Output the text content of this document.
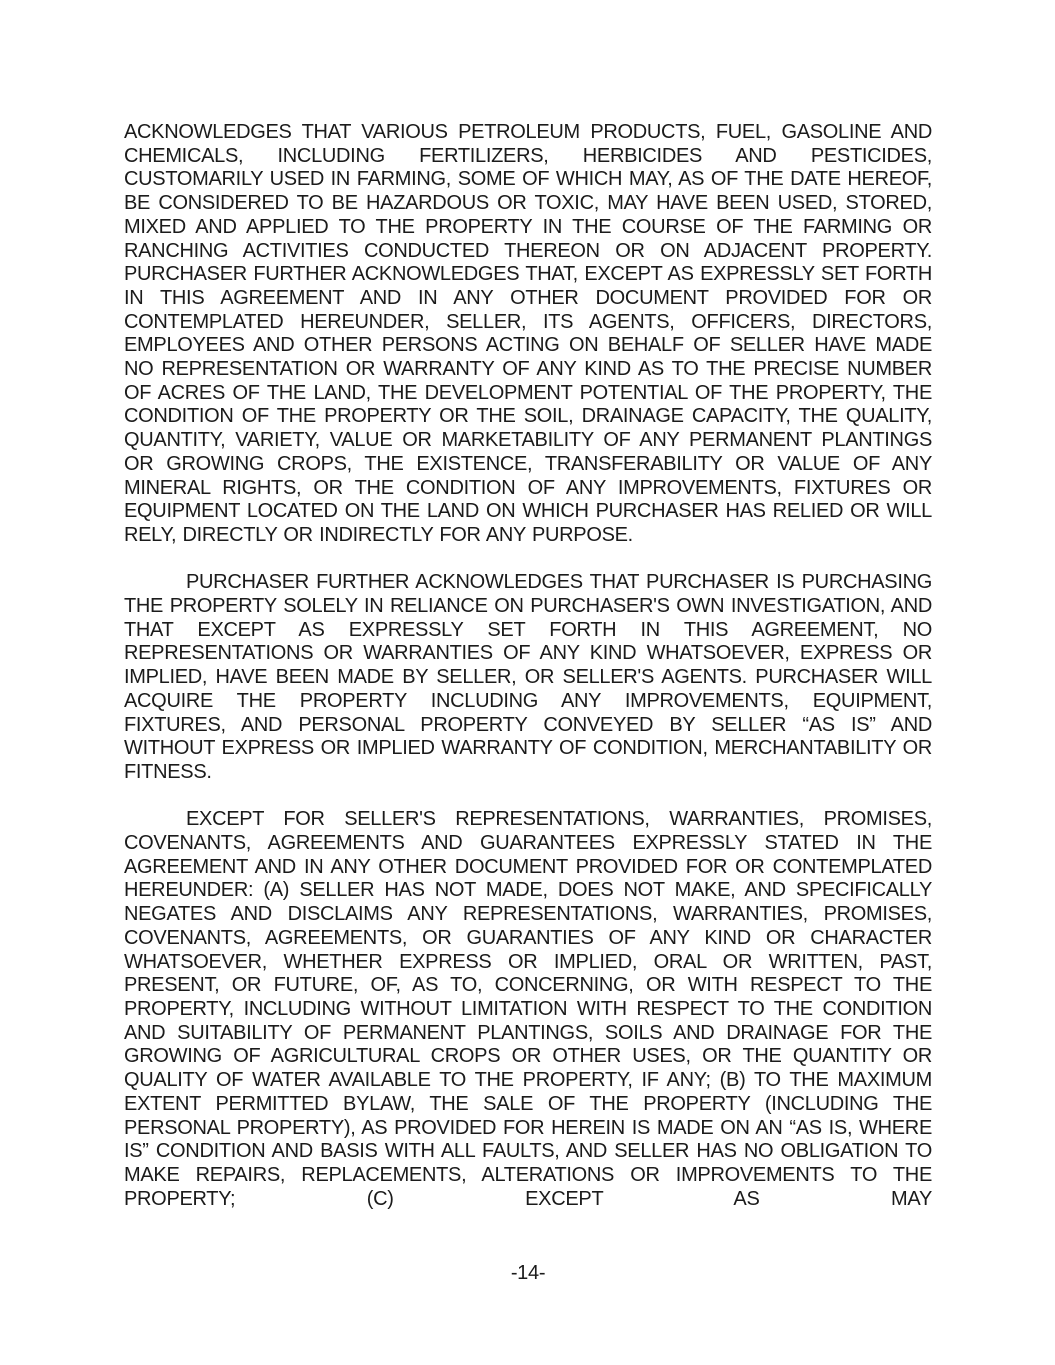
ACKNOWLEDGES THAT VARIOUS PETROLEUM PRODUCTS, FUEL, GASOLINE AND CHEMICALS, INCLUDING FERTILIZERS, HERBICIDES AND PESTICIDES, CUSTOMARILY USED IN FARMING, SOME OF WHICH MAY, AS OF THE DATE HEREOF, BE CONSIDERED TO BE HAZARDOUS OR TOXIC, MAY HAVE BEEN USED, STORED, MIXED AND APPLIED TO THE PROPERTY IN THE COURSE OF THE FARMING OR RANCHING ACTIVITIES CONDUCTED THEREON OR ON ADJACENT PROPERTY. PURCHASER FURTHER ACKNOWLEDGES THAT, EXCEPT AS EXPRESSLY SET FORTH IN THIS AGREEMENT AND IN ANY OTHER DOCUMENT PROVIDED FOR OR CONTEMPLATED HEREUNDER, SELLER, ITS AGENTS, OFFICERS, DIRECTORS, EMPLOYEES AND OTHER PERSONS ACTING ON BEHALF OF SELLER HAVE MADE NO REPRESENTATION OR WARRANTY OF ANY KIND AS TO THE PRECISE NUMBER OF ACRES OF THE LAND, THE DEVELOPMENT POTENTIAL OF THE PROPERTY, THE CONDITION OF THE PROPERTY OR THE SOIL, DRAINAGE CAPACITY, THE QUALITY, QUANTITY, VARIETY, VALUE OR MARKETABILITY OF ANY PERMANENT PLANTINGS OR GROWING CROPS, THE EXISTENCE, TRANSFERABILITY OR VALUE OF ANY MINERAL RIGHTS, OR THE CONDITION OF ANY IMPROVEMENTS, FIXTURES OR EQUIPMENT LOCATED ON THE LAND ON WHICH PURCHASER HAS RELIED OR WILL RELY, DIRECTLY OR INDIRECTLY FOR ANY PURPOSE.

PURCHASER FURTHER ACKNOWLEDGES THAT PURCHASER IS PURCHASING THE PROPERTY SOLELY IN RELIANCE ON PURCHASER'S OWN INVESTIGATION, AND THAT EXCEPT AS EXPRESSLY SET FORTH IN THIS AGREEMENT, NO REPRESENTATIONS OR WARRANTIES OF ANY KIND WHATSOEVER, EXPRESS OR IMPLIED, HAVE BEEN MADE BY SELLER, OR SELLER'S AGENTS. PURCHASER WILL ACQUIRE THE PROPERTY INCLUDING ANY IMPROVEMENTS, EQUIPMENT, FIXTURES, AND PERSONAL PROPERTY CONVEYED BY SELLER “AS IS” AND WITHOUT EXPRESS OR IMPLIED WARRANTY OF CONDITION, MERCHANTABILITY OR FITNESS.

EXCEPT FOR SELLER'S REPRESENTATIONS, WARRANTIES, PROMISES, COVENANTS, AGREEMENTS AND GUARANTEES EXPRESSLY STATED IN THE AGREEMENT AND IN ANY OTHER DOCUMENT PROVIDED FOR OR CONTEMPLATED HEREUNDER: (A) SELLER HAS NOT MADE, DOES NOT MAKE, AND SPECIFICALLY NEGATES AND DISCLAIMS ANY REPRESENTATIONS, WARRANTIES, PROMISES, COVENANTS, AGREEMENTS, OR GUARANTIES OF ANY KIND OR CHARACTER WHATSOEVER, WHETHER EXPRESS OR IMPLIED, ORAL OR WRITTEN, PAST, PRESENT, OR FUTURE, OF, AS TO, CONCERNING, OR WITH RESPECT TO THE PROPERTY, INCLUDING WITHOUT LIMITATION WITH RESPECT TO THE CONDITION AND SUITABILITY OF PERMANENT PLANTINGS, SOILS AND DRAINAGE FOR THE GROWING OF AGRICULTURAL CROPS OR OTHER USES, OR THE QUANTITY OR QUALITY OF WATER AVAILABLE TO THE PROPERTY, IF ANY; (B) TO THE MAXIMUM EXTENT PERMITTED BYLAW, THE SALE OF THE PROPERTY (INCLUDING THE PERSONAL PROPERTY), AS PROVIDED FOR HEREIN IS MADE ON AN “AS IS, WHERE IS” CONDITION AND BASIS WITH ALL FAULTS, AND SELLER HAS NO OBLIGATION TO MAKE REPAIRS, REPLACEMENTS, ALTERATIONS OR IMPROVEMENTS TO THE PROPERTY; (C) EXCEPT AS MAY

-14-
